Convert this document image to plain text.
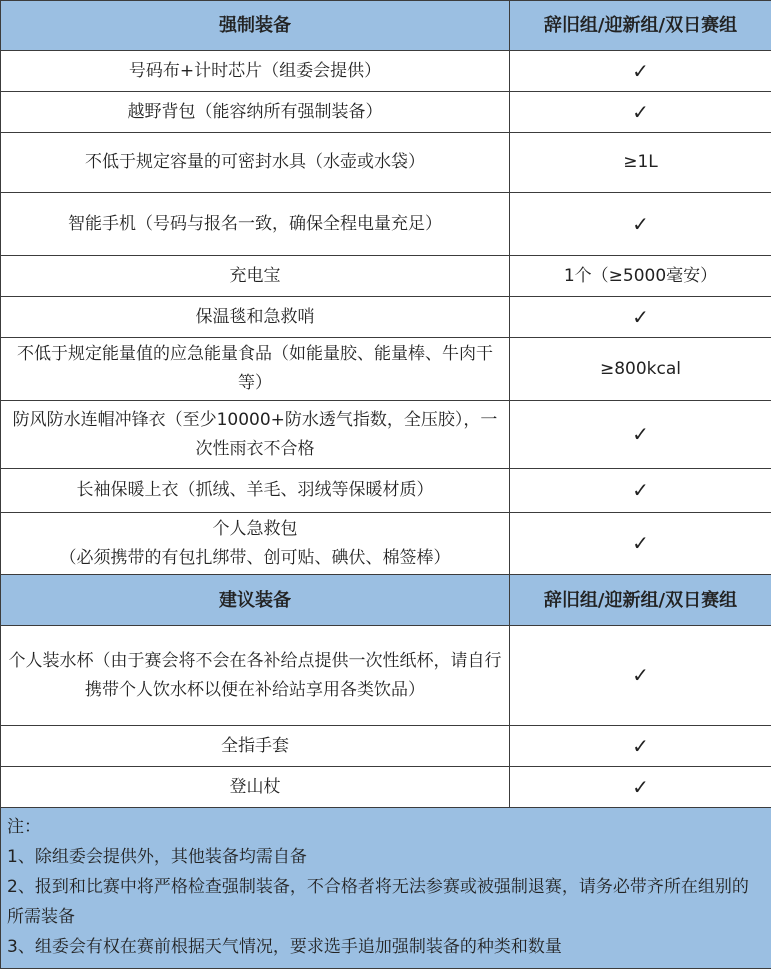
强制装备	辞旧组/迎新组/双日赛组
号码布+计时芯片（组委会提供）	✓
越野背包（能容纳所有强制装备）	✓
不低于规定容量的可密封水具（水壶或水袋）	≥1L
智能手机（号码与报名一致，确保全程电量充足）	✓
充电宝	1个（≥5000毫安）
保温毯和急救哨	✓
不低于规定能量值的应急能量食品（如能量胶、能量棒、牛肉干等）	≥800kcal
防风防水连帽冲锋衣（至少10000+防水透气指数，全压胶），一次性雨衣不合格	✓
长袖保暖上衣（抓绒、羊毛、羽绒等保暖材质）	✓

个人急救包
（必须携带的有包扎绑带、创可贴、碘伏、棉签棒）	✓
建议装备	辞旧组/迎新组/双日赛组
个人装水杯（由于赛会将不会在各补给点提供一次性纸杯，请自行携带个人饮水杯以便在补给站享用各类饮品）	✓
全指手套	✓
登山杖	✓

注：
1、除组委会提供外，其他装备均需自备
2、报到和比赛中将严格检查强制装备，不合格者将无法参赛或被强制退赛，请务必带齐所在组别的所需装备
3、组委会有权在赛前根据天气情况，要求选手追加强制装备的种类和数量	
